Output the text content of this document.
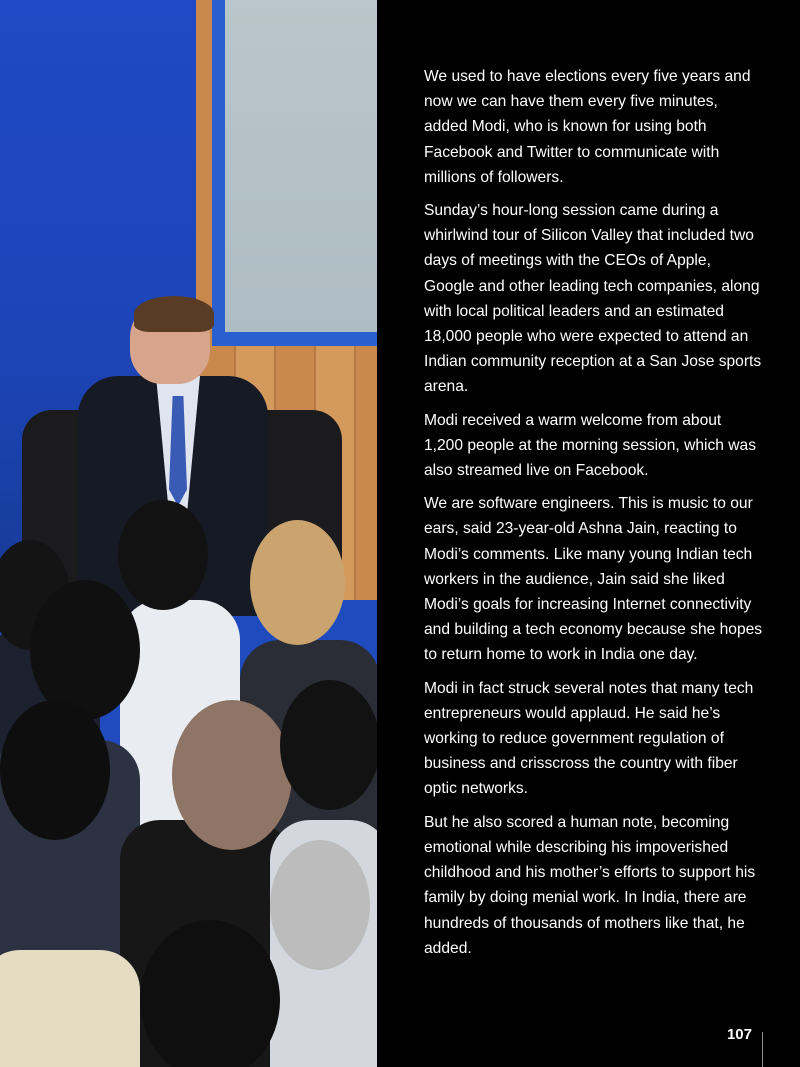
We used to have elections every five years and now we can have them every five minutes, added Modi, who is known for using both Facebook and Twitter to communicate with millions of followers.

Sunday’s hour-long session came during a whirlwind tour of Silicon Valley that included two days of meetings with the CEOs of Apple, Google and other leading tech companies, along with local political leaders and an estimated 18,000 people who were expected to attend an Indian community reception at a San Jose sports arena.

Modi received a warm welcome from about 1,200 people at the morning session, which was also streamed live on Facebook.

We are software engineers. This is music to our ears, said 23-year-old Ashna Jain, reacting to Modi’s comments. Like many young Indian tech workers in the audience, Jain said she liked Modi’s goals for increasing Internet connectivity and building a tech economy because she hopes to return home to work in India one day.

Modi in fact struck several notes that many tech entrepreneurs would applaud. He said he’s working to reduce government regulation of business and crisscross the country with fiber optic networks.

But he also scored a human note, becoming emotional while describing his impoverished childhood and his mother’s efforts to support his family by doing menial work. In India, there are hundreds of thousands of mothers like that, he added.

107
